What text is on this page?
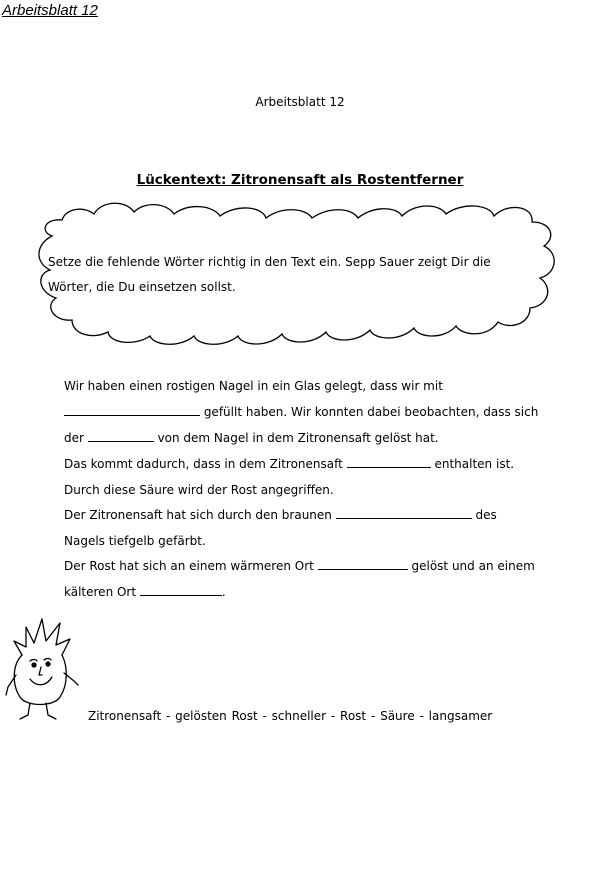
Arbeitsblatt 12
Arbeitsblatt 12
Lückentext: Zitronensaft als Rostentferner
Setze die fehlende Wörter richtig in den Text ein. Sepp Sauer zeigt Dir die Wörter, die Du einsetzen sollst.
Wir haben einen rostigen Nagel in ein Glas gelegt, dass wir mit
gefüllt haben. Wir konnten dabei beobachten, dass sich
der	von dem Nagel in dem Zitronensaft gelöst hat.
Das kommt dadurch, dass in dem Zitronensaft	enthalten ist.
Durch diese Säure wird der Rost angegriffen.
Der Zitronensaft hat sich durch den braunen	des
Nagels tiefgelb gefärbt.
Der Rost hat sich an einem wärmeren Ort	gelöst und an einem
kälteren Ort	.
Zitronensaft - gelösten Rost - schneller - Rost - Säure - langsamer
